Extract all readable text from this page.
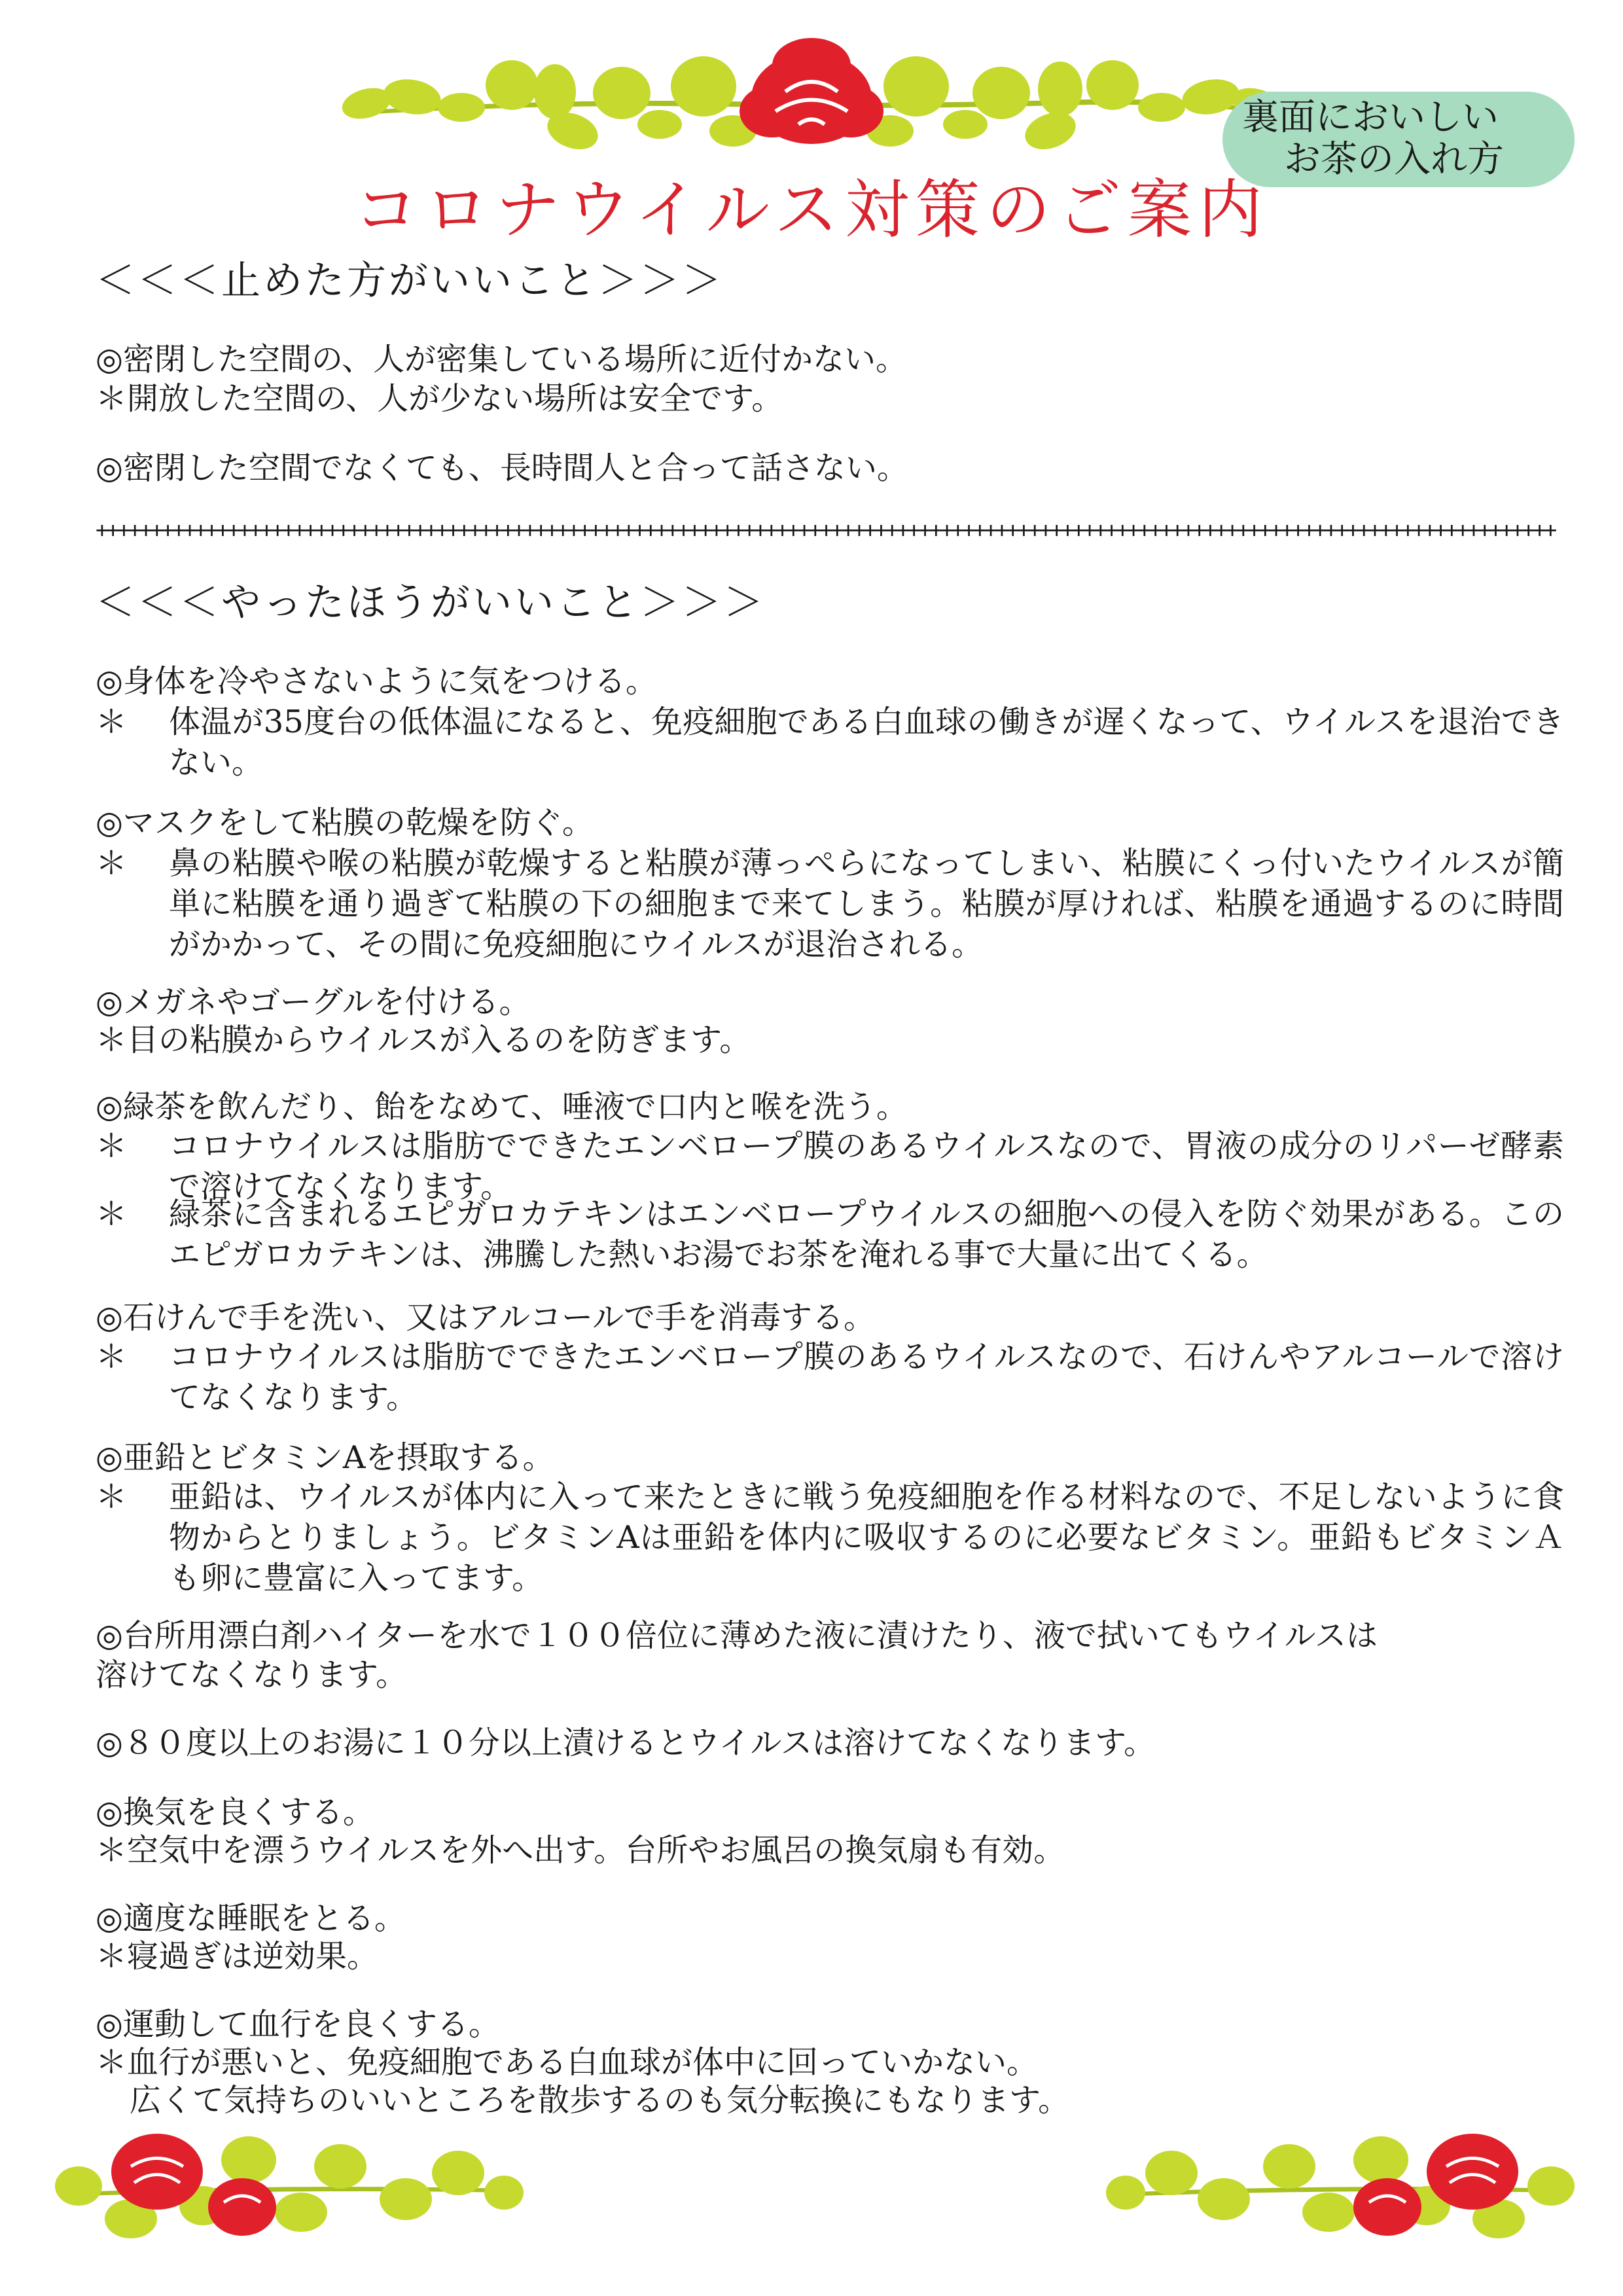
裏面においしい
お茶の入れ方
コロナウイルス対策のご案内
＜＜＜止めた方がいいこと＞＞＞
◎密閉した空間の、人が密集している場所に近付かない。
＊開放した空間の、人が少ない場所は安全です。
◎密閉した空間でなくても、長時間人と合って話さない。
+++++++++++++++++++++++++++++++++++++++++++++++++++++++++++++++++++++++++++++++++++++++++++++++++++++++++++++++++++++++++++++++++++++
＜＜＜やったほうがいいこと＞＞＞
◎身体を冷やさないように気をつける。
＊	体温が35度台の低体温になると、免疫細胞である白血球の働きが遅くなって、ウイルスを退治できない。
◎マスクをして粘膜の乾燥を防ぐ。
＊	鼻の粘膜や喉の粘膜が乾燥すると粘膜が薄っぺらになってしまい、粘膜にくっ付いたウイルスが簡単に粘膜を通り過ぎて粘膜の下の細胞まで来てしまう。粘膜が厚ければ、粘膜を通過するのに時間がかかって、その間に免疫細胞にウイルスが退治される。
◎メガネやゴーグルを付ける。
＊目の粘膜からウイルスが入るのを防ぎます。
◎緑茶を飲んだり、飴をなめて、唾液で口内と喉を洗う。
＊	コロナウイルスは脂肪でできたエンベロープ膜のあるウイルスなので、胃液の成分のリパーゼ酵素で溶けてなくなります。
＊	緑茶に含まれるエピガロカテキンはエンベロープウイルスの細胞への侵入を防ぐ効果がある。このエピガロカテキンは、沸騰した熱いお湯でお茶を淹れる事で大量に出てくる。
◎石けんで手を洗い、又はアルコールで手を消毒する。
＊	コロナウイルスは脂肪でできたエンベロープ膜のあるウイルスなので、石けんやアルコールで溶けてなくなります。
◎亜鉛とビタミンAを摂取する。
＊	亜鉛は、ウイルスが体内に入って来たときに戦う免疫細胞を作る材料なので、不足しないように食物からとりましょう。ビタミンAは亜鉛を体内に吸収するのに必要なビタミン。亜鉛もビタミンＡも卵に豊富に入ってます。
◎台所用漂白剤ハイターを水で１００倍位に薄めた液に漬けたり、液で拭いてもウイルスは
溶けてなくなります。
◎８０度以上のお湯に１０分以上漬けるとウイルスは溶けてなくなります。
◎換気を良くする。
＊空気中を漂うウイルスを外へ出す。台所やお風呂の換気扇も有効。
◎適度な睡眠をとる。
＊寝過ぎは逆効果。
◎運動して血行を良くする。
＊血行が悪いと、免疫細胞である白血球が体中に回っていかない。
広くて気持ちのいいところを散歩するのも気分転換にもなります。
